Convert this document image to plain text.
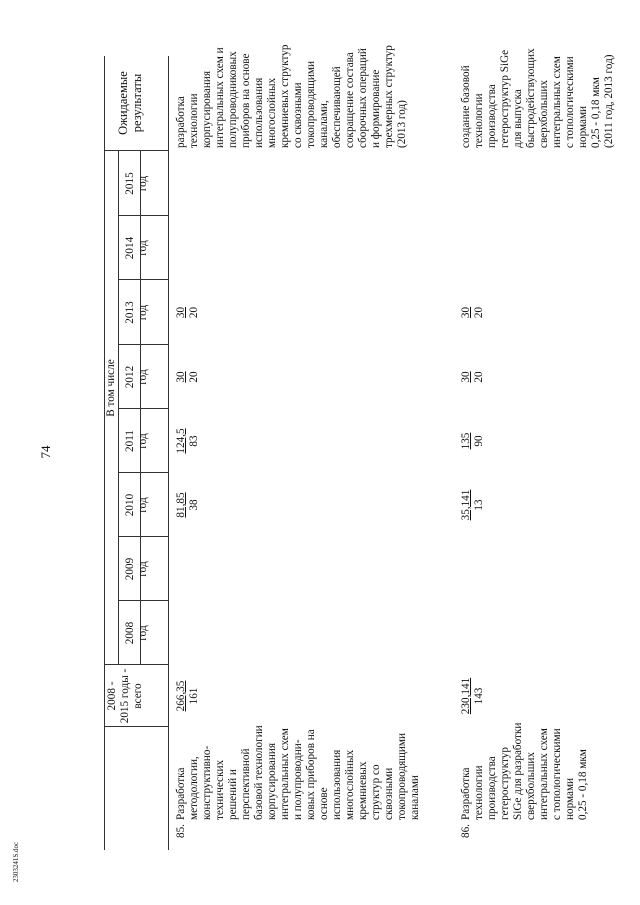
74
2303241S.doc
2008 - 2015 годы - всего
В том числе
2008 год
2009 год
2010 год
2011 год
2012 год
2013 год
2014 год
2015 год
Ожидаемые результаты
85.
Разработка
методологии,
конструктивно-
технических
решений и
перспективной
базовой технологии
корпусирования
интегральных схем
и полупроводни-
ковых приборов на
основе
использования
многослойных
кремниевых
структур со
сквозными
токопроводящими
каналами
266,35 161
81,85 38
124,5 83
30 20
30 20
разработка
технологии
корпусирования
интегральных схем и
полупроводниковых
приборов на основе
использования
многослойных
кремниевых структур
со сквозными
токопроводящими
каналами,
обеспечивающей
сокращение состава
сборочных операций
и формирование
трехмерных структур
(2013 год)
86.
Разработка
технологии
производства
гетероструктур
SiGe для разработки
сверхбольших
интегральных схем
с топологическими
нормами
0,25 - 0,18 мкм
230,141 143
35,141 13
135 90
30 20
30 20
создание базовой
технологии
производства
гетероструктур SiGe
для выпуска
быстродействующих
сверхбольших
интегральных схем
с топологическими
нормами
0,25 - 0,18 мкм
(2011 год, 2013 год)
